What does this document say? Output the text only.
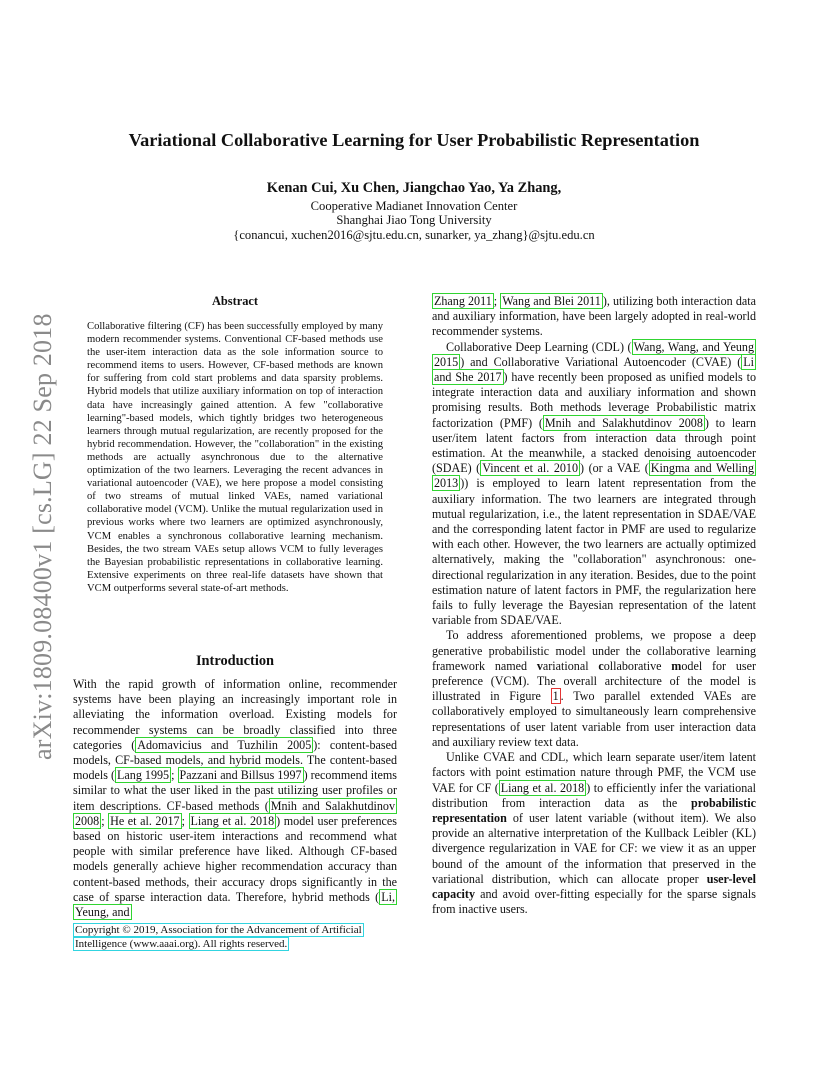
arXiv:1809.08400v1 [cs.LG] 22 Sep 2018
Variational Collaborative Learning for User Probabilistic Representation
Kenan Cui, Xu Chen, Jiangchao Yao, Ya Zhang,
Cooperative Madianet Innovation Center
Shanghai Jiao Tong University
{conancui, xuchen2016@sjtu.edu.cn, sunarker, ya_zhang}@sjtu.edu.cn
Abstract
Collaborative filtering (CF) has been successfully employed by many modern recommender systems. Conventional CF-based methods use the user-item interaction data as the sole information source to recommend items to users. However, CF-based methods are known for suffering from cold start problems and data sparsity problems. Hybrid models that utilize auxiliary information on top of interaction data have increasingly gained attention. A few "collaborative learning"-based models, which tightly bridges two heterogeneous learners through mutual regularization, are recently proposed for the hybrid recommendation. However, the "collaboration" in the existing methods are actually asynchronous due to the alternative optimization of the two learners. Leveraging the recent advances in variational autoencoder (VAE), we here propose a model consisting of two streams of mutual linked VAEs, named variational collaborative model (VCM). Unlike the mutual regularization used in previous works where two learners are optimized asynchronously, VCM enables a synchronous collaborative learning mechanism. Besides, the two stream VAEs setup allows VCM to fully leverages the Bayesian probabilistic representations in collaborative learning. Extensive experiments on three real-life datasets have shown that VCM outperforms several state-of-art methods.
Introduction

With the rapid growth of information online, recommender systems have been playing an increasingly important role in alleviating the information overload. Existing models for recommender systems can be broadly classified into three categories ( Adomavicius and Tuzhilin 2005 ): content-based models, CF-based models, and hybrid models. The content-based models ( Lang 1995 ; Pazzani and Billsus 1997 ) recommend items similar to what the user liked in the past utilizing user profiles or item descriptions. CF-based methods ( Mnih and Salakhutdinov 2008 ; He et al. 2017 ; Liang et al. 2018 ) model user preferences based on historic user-item interactions and recommend what people with similar preference have liked. Although CF-based models generally achieve higher recommendation accuracy than content-based methods, their accuracy drops significantly in the case of sparse interaction data. Therefore, hybrid methods ( Li, Yeung, and

Copyright © 2019, Association for the Advancement of Artificial Intelligence (www.aaai.org). All rights reserved.

Zhang 2011 ; Wang and Blei 2011 ), utilizing both interaction data and auxiliary information, have been largely adopted in real-world recommender systems.

Collaborative Deep Learning (CDL) ( Wang, Wang, and Yeung 2015 ) and Collaborative Variational Autoencoder (CVAE) ( Li and She 2017 ) have recently been proposed as unified models to integrate interaction data and auxiliary information and shown promising results. Both methods leverage Probabilistic matrix factorization (PMF) ( Mnih and Salakhutdinov 2008 ) to learn user/item latent factors from interaction data through point estimation. At the meanwhile, a stacked denoising autoencoder (SDAE) ( Vincent et al. 2010 ) (or a VAE ( Kingma and Welling 2013 )) is employed to learn latent representation from the auxiliary information. The two learners are integrated through mutual regularization, i.e., the latent representation in SDAE/VAE and the corresponding latent factor in PMF are used to regularize with each other. However, the two learners are actually optimized alternatively, making the "collaboration" asynchronous: one-directional regularization in any iteration. Besides, due to the point estimation nature of latent factors in PMF, the regularization here fails to fully leverage the Bayesian representation of the latent variable from SDAE/VAE.

To address aforementioned problems, we propose a deep generative probabilistic model under the collaborative learning framework named variational collaborative model for user preference (VCM). The overall architecture of the model is illustrated in Figure 1 . Two parallel extended VAEs are collaboratively employed to simultaneously learn comprehensive representations of user latent variable from user interaction data and auxiliary review text data.

Unlike CVAE and CDL, which learn separate user/item latent factors with point estimation nature through PMF, the VCM use VAE for CF ( Liang et al. 2018 ) to efficiently infer the variational distribution from interaction data as the probabilistic representation of user latent variable (without item). We also provide an alternative interpretation of the Kullback Leibler (KL) divergence regularization in VAE for CF: we view it as an upper bound of the amount of the information that preserved in the variational distribution, which can allocate proper user-level capacity and avoid over-fitting especially for the sparse signals from inactive users.
